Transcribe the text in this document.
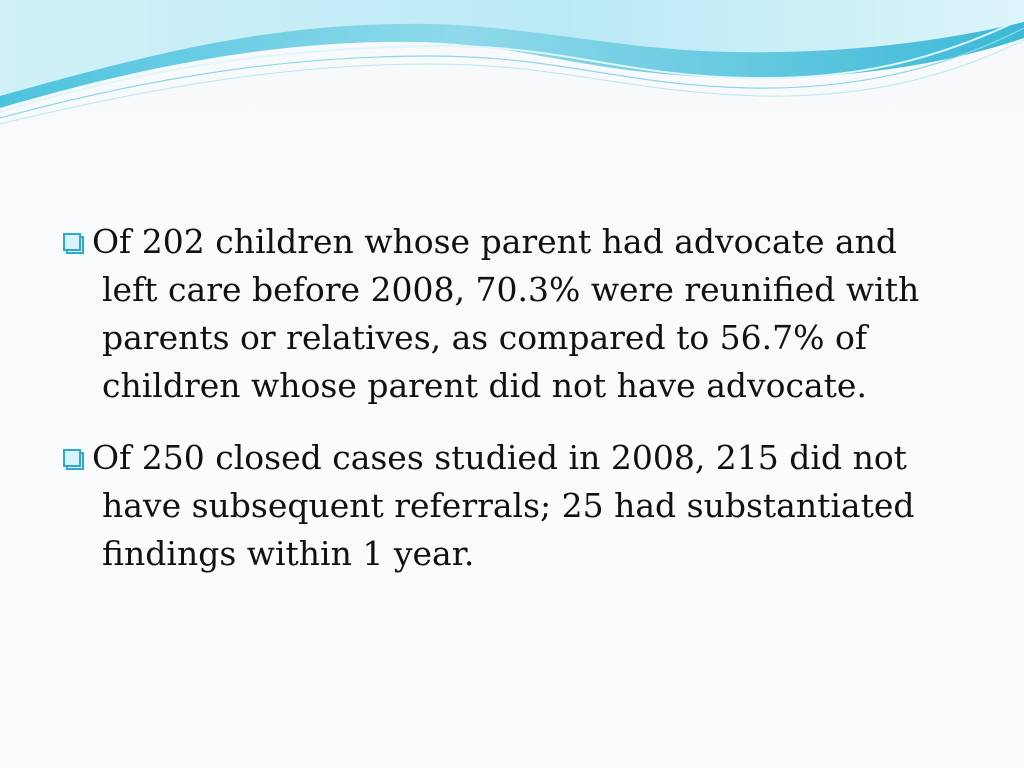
Of 202 children whose parent had advocate and left care before 2008, 70.3% were reunified with parents or relatives, as compared to 56.7% of children whose parent did not have advocate.

Of 250 closed cases studied in 2008, 215 did not have subsequent referrals; 25 had substantiated findings within 1 year.
